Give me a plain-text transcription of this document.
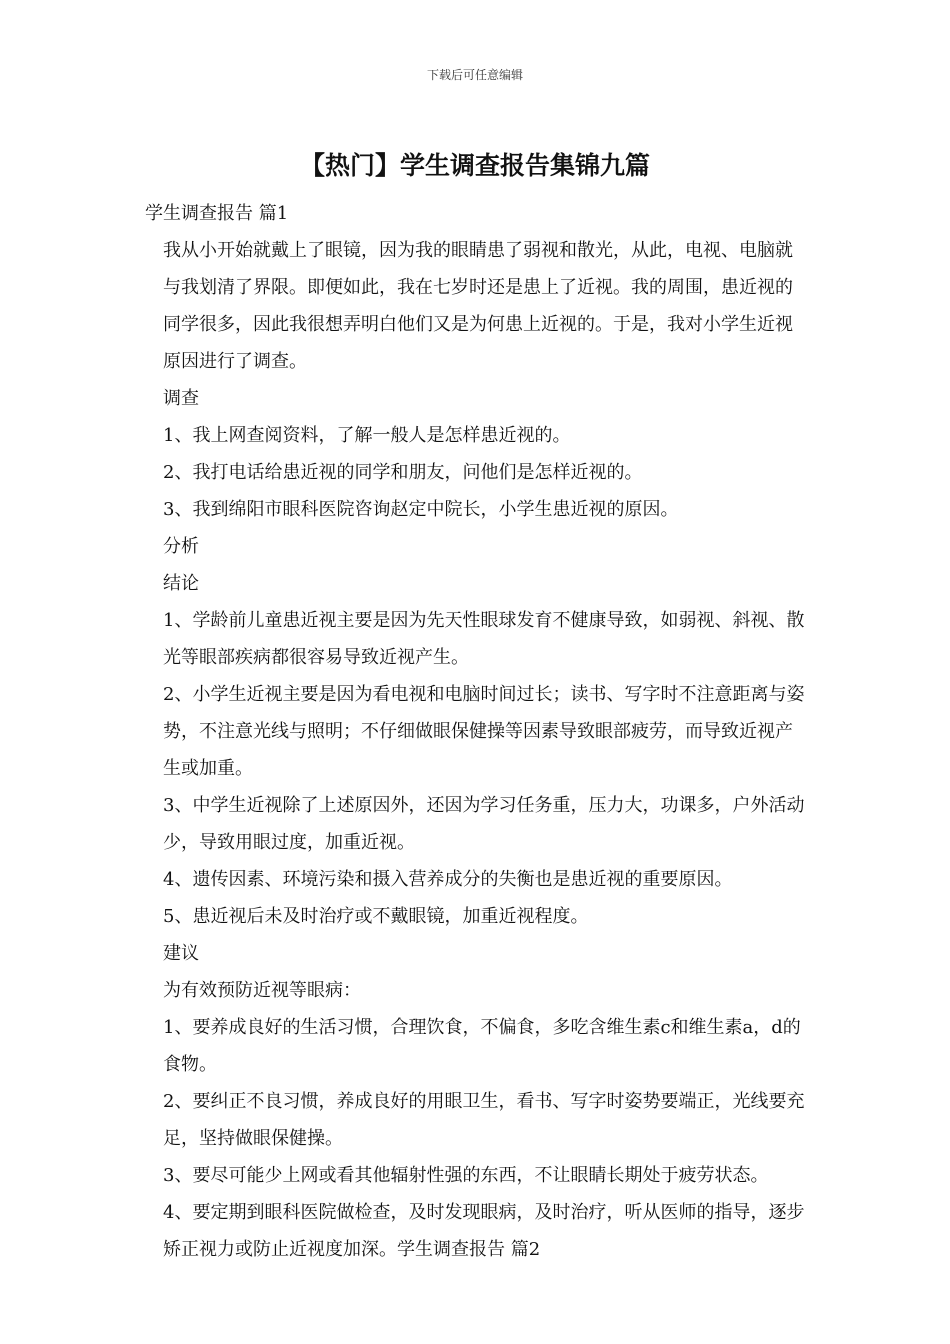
下载后可任意编辑
【热门】学生调查报告集锦九篇

学生调查报告 篇1

我从小开始就戴上了眼镜，因为我的眼睛患了弱视和散光，从此，电视、电脑就与我划清了界限。即便如此，我在七岁时还是患上了近视。我的周围，患近视的同学很多，因此我很想弄明白他们又是为何患上近视的。于是，我对小学生近视原因进行了调查。

调查

1、我上网查阅资料，了解一般人是怎样患近视的。

2、我打电话给患近视的同学和朋友，问他们是怎样近视的。

3、我到绵阳市眼科医院咨询赵定中院长，小学生患近视的原因。

分析

结论

1、学龄前儿童患近视主要是因为先天性眼球发育不健康导致，如弱视、斜视、散光等眼部疾病都很容易导致近视产生。

2、小学生近视主要是因为看电视和电脑时间过长；读书、写字时不注意距离与姿势，不注意光线与照明；不仔细做眼保健操等因素导致眼部疲劳，而导致近视产生或加重。

3、中学生近视除了上述原因外，还因为学习任务重，压力大，功课多，户外活动少，导致用眼过度，加重近视。

4、遗传因素、环境污染和摄入营养成分的失衡也是患近视的重要原因。

5、患近视后未及时治疗或不戴眼镜，加重近视程度。

建议

为有效预防近视等眼病：

1、要养成良好的生活习惯，合理饮食，不偏食，多吃含维生素c和维生素a，d的食物。

2、要纠正不良习惯，养成良好的用眼卫生，看书、写字时姿势要端正，光线要充足，坚持做眼保健操。

3、要尽可能少上网或看其他辐射性强的东西，不让眼睛长期处于疲劳状态。

4、要定期到眼科医院做检查，及时发现眼病，及时治疗，听从医师的指导，逐步矫正视力或防止近视度加深。学生调查报告 篇2
